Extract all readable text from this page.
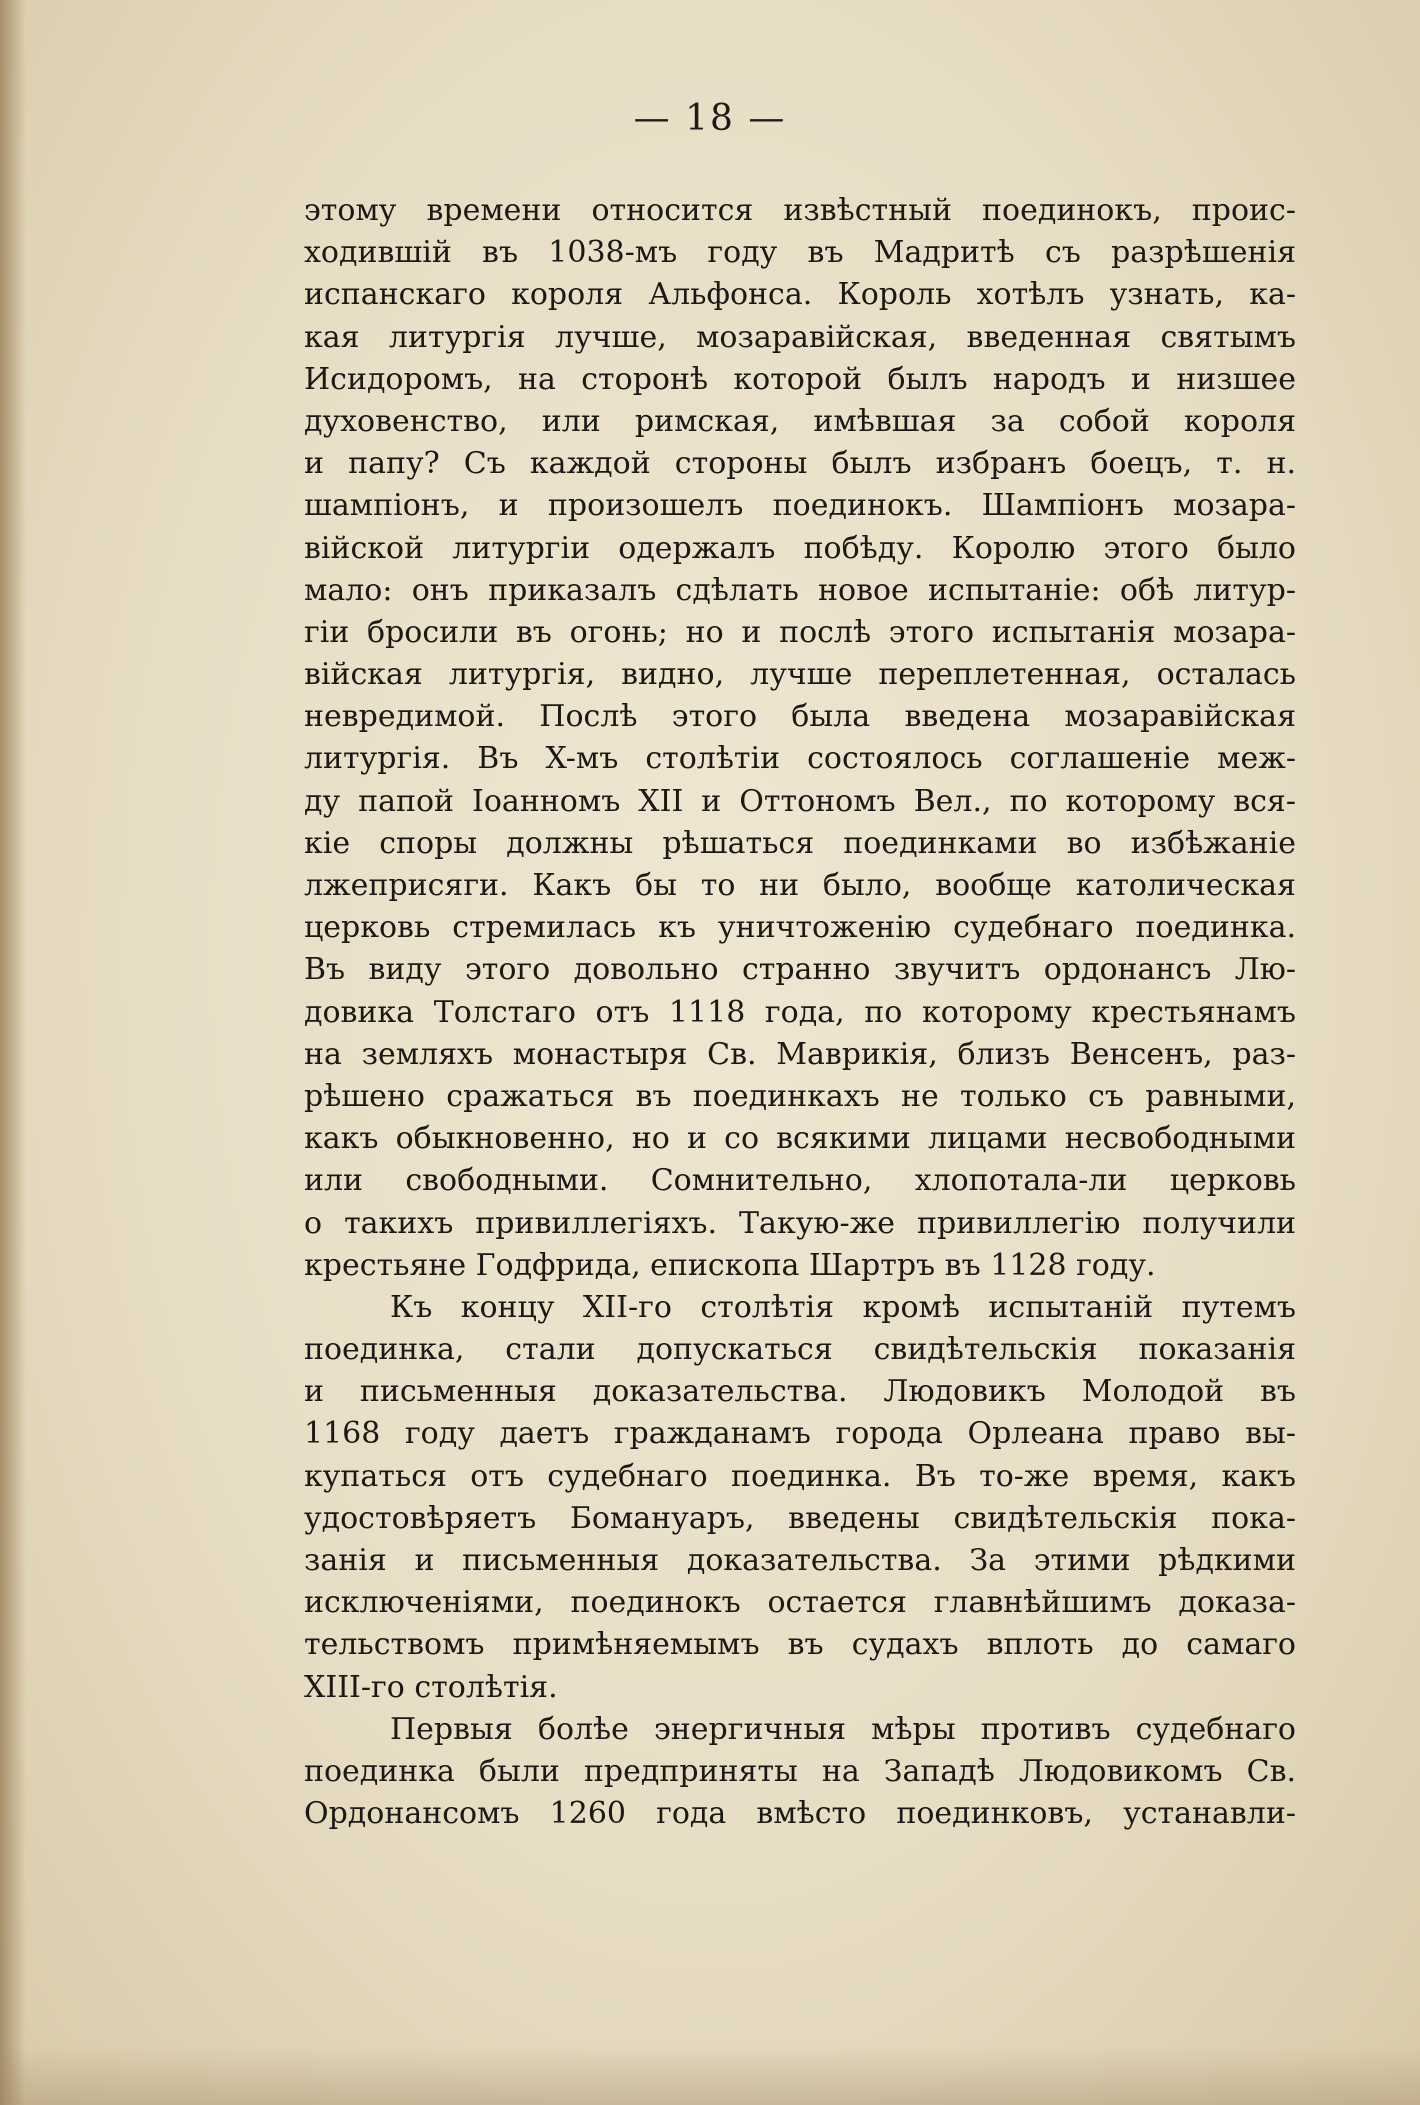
— 18 —
этому времени относится извѣстный поединокъ, проис-
ходившій въ 1038-мъ году въ Мадритѣ съ разрѣшенія
испанскаго короля Альфонса. Король хотѣлъ узнать, ка-
кая литургія лучше, мозаравійская, введенная святымъ
Исидоромъ, на сторонѣ которой былъ народъ и низшее
духовенство, или римская, имѣвшая за собой короля
и папу? Съ каждой стороны былъ избранъ боецъ, т. н.
шампіонъ, и произошелъ поединокъ. Шампіонъ мозара-
війской литургіи одержалъ побѣду. Королю этого было
мало: онъ приказалъ сдѣлать новое испытаніе: обѣ литур-
гіи бросили въ огонь; но и послѣ этого испытанія мозара-
війская литургія, видно, лучше переплетенная, осталась
невредимой. Послѣ этого была введена мозаравійская
литургія. Въ X-мъ столѣтіи состоялось соглашеніе меж-
ду папой Іоанномъ XII и Оттономъ Вел., по которому вся-
кіе споры должны рѣшаться поединками во избѣжаніе
лжеприсяги. Какъ бы то ни было, вообще католическая
церковь стремилась къ уничтоженію судебнаго поединка.
Въ виду этого довольно странно звучитъ ордонансъ Лю-
довика Толстаго отъ 1118 года, по которому крестьянамъ
на земляхъ монастыря Св. Маврикія, близъ Венсенъ, раз-
рѣшено сражаться въ поединкахъ не только съ равными,
какъ обыкновенно, но и со всякими лицами несвободными
или свободными. Сомнительно, хлопотала-ли церковь
о такихъ привиллегіяхъ. Такую-же привиллегію получили
крестьяне Годфрида, епископа Шартръ въ 1128 году.
Къ концу XII-го столѣтія кромѣ испытаній путемъ
поединка, стали допускаться свидѣтельскія показанія
и письменныя доказательства. Людовикъ Молодой въ
1168 году даетъ гражданамъ города Орлеана право вы-
купаться отъ судебнаго поединка. Въ то-же время, какъ
удостовѣряетъ Бомануаръ, введены свидѣтельскія пока-
занія и письменныя доказательства. За этими рѣдкими
исключеніями, поединокъ остается главнѣйшимъ доказа-
тельствомъ примѣняемымъ въ судахъ вплоть до самаго
XIII-го столѣтія.
Первыя болѣе энергичныя мѣры противъ судебнаго
поединка были предприняты на Западѣ Людовикомъ Св.
Ордонансомъ 1260 года вмѣсто поединковъ, устанавли-
